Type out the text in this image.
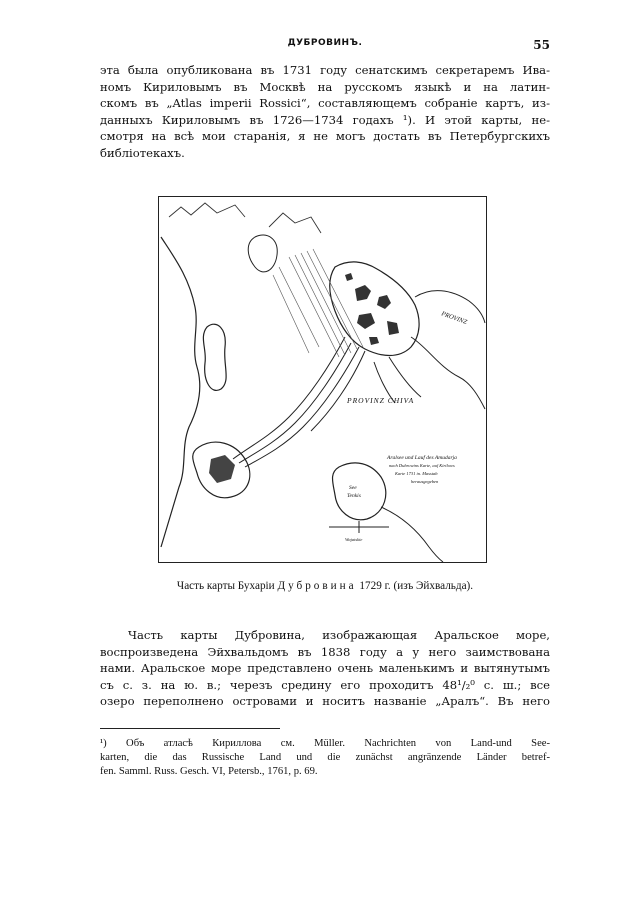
ДУБРОВИНЪ.	55

эта была опубликована въ 1731 году сенатскимъ секретаремъ Ива-
номъ Кириловымъ въ Москвѣ на русскомъ языкѣ и на латин-
скомъ въ „Atlas imperii Rossici“, составляющемъ собраніе картъ, из-
данныхъ Кириловымъ въ 1726—1734 годахъ ¹). И этой карты, не-
смотря на всѣ мои старанія, я не могъ достать въ Петербургскихъ
библіотекахъ.

PROVINZ CHIVA
PROVINZ
Aralsee und Lauf des Amudarja
nach Dubrowins Karte, auf Kirilows
Karte 1731 in. Masstab
herausgegeben
See
Tenkis
Wajatskie
Часть карты Бухаріи Дубровина 1729 г. (изъ Эйхвальда).

Часть карты Дубровина, изображающая Аральское море,
воспроизведена Эйхвальдомъ въ 1838 году а у него заимствована
нами. Аральское море представлено очень маленькимъ и вытянутымъ
съ с. з. на ю. в.; черезъ средину его проходитъ 48¹/₂⁰ с. ш.; все
озеро переполнено островами и носитъ названіе „Аралъ“. Въ него

¹) Объ атласѣ Кириллова см. Müller. Nachrichten von Land-und See-
karten, die das Russische Land und die zunächst angränzende Länder betref-
fen. Samml. Russ. Gesch. VI, Petersb., 1761, p. 69.
